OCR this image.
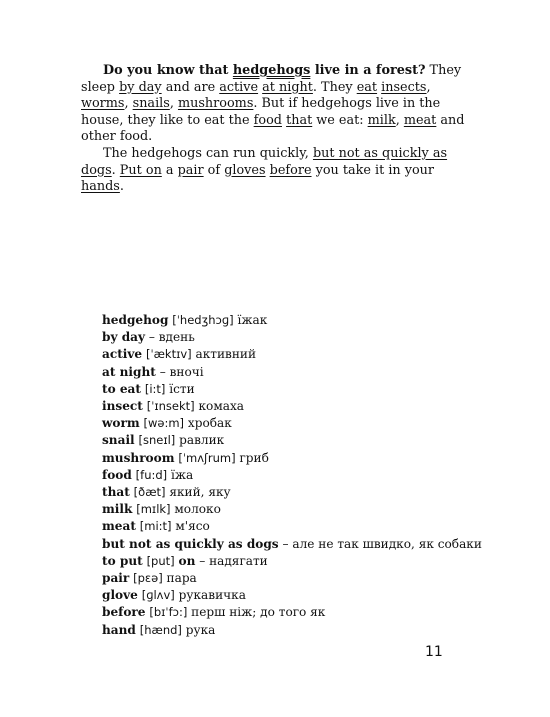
Do you know that hedgehogs live in a forest? They sleep by day and are active at night. They eat insects, worms, snails, mushrooms. But if hedgehogs live in the house, they like to eat the food that we eat: milk, meat and other food.

The hedgehogs can run quickly, but not as quickly as dogs. Put on a pair of gloves before you take it in your hands.

hedgehog [ˈhedʒhɔɡ] їжак
by day – вдень
active [ˈæktɪv] активний
at night – вночі
to eat [i:t] їсти
insect [ˈɪnsekt] комаха
worm [wə:m] хробак
snail [sneɪl] равлик
mushroom [ˈmʌʃrum] гриб
food [fu:d] їжа
that [ðæt] який, яку
milk [mɪlk] молоко
meat [mi:t] м'ясо
but not as quickly as dogs – але не так швидко, як собаки
to put [put] on – надягати
pair [pɛə] пара
glove [ɡlʌv] рукавичка
before [bɪˈfɔ:] перш ніж; до того як
hand [hænd] рука
11
